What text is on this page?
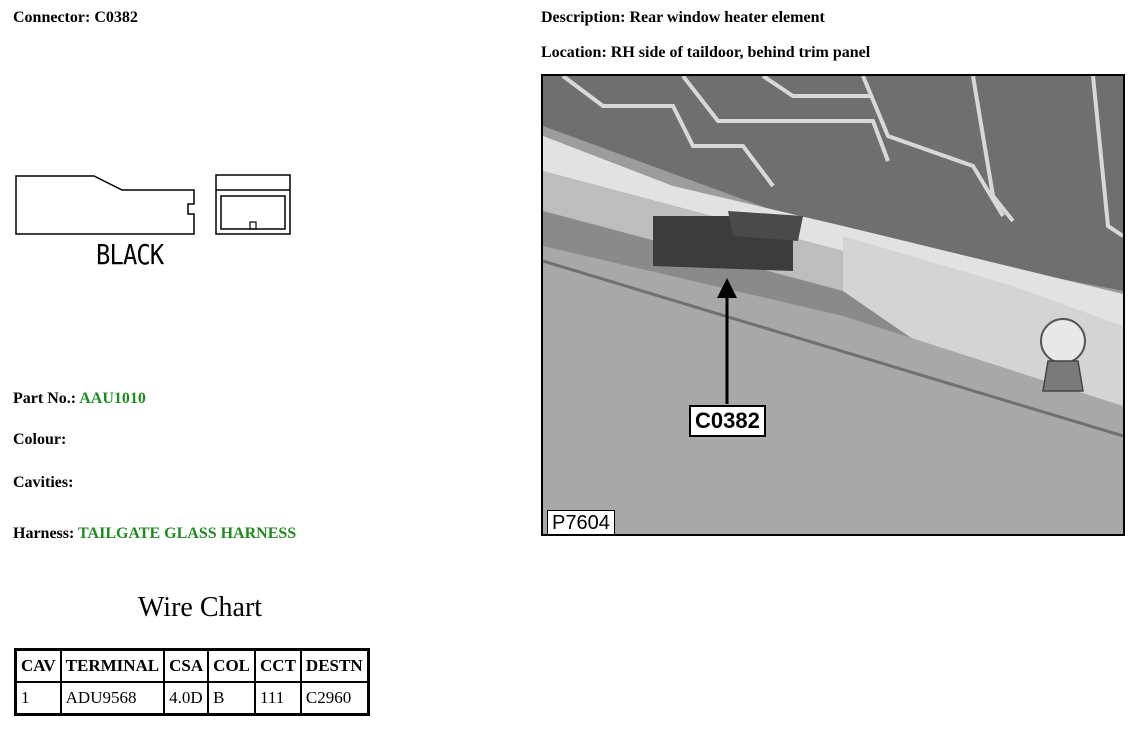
Connector: C0382	Description: Rear window heater element
Location: RH side of taildoor, behind trim panel
BLACK
C0382
P7604
Part No.: AAU1010
Colour:
Cavities:
Harness: TAILGATE GLASS HARNESS
Wire Chart
CAV	TERMINAL	CSA	COL	CCT	DESTN
1	ADU9568	4.0D	B	111	C2960
